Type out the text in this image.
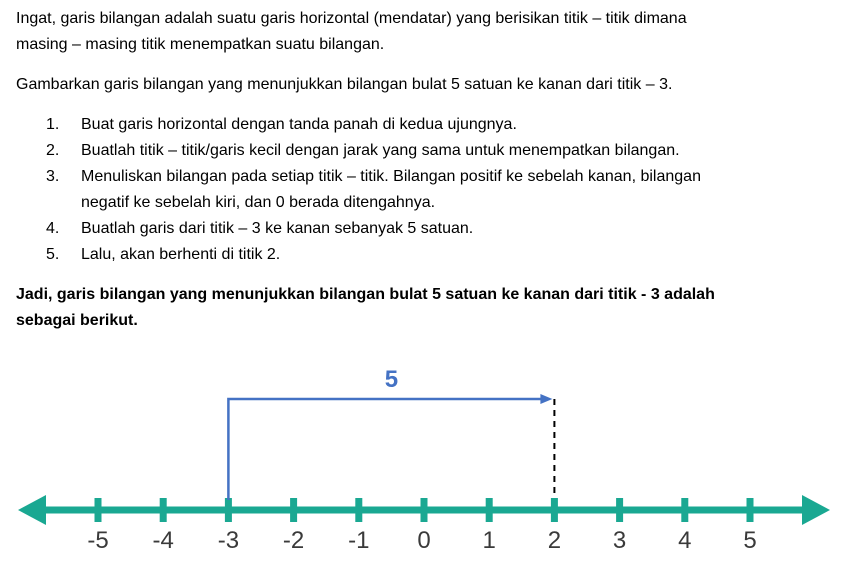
Ingat, garis bilangan adalah suatu garis horizontal (mendatar) yang berisikan titik – titik dimana
masing – masing titik menempatkan suatu bilangan.
Gambarkan garis bilangan yang menunjukkan bilangan bulat 5 satuan ke kanan dari titik – 3.
1. Buat garis horizontal dengan tanda panah di kedua ujungnya.
2. Buatlah titik – titik/garis kecil dengan jarak yang sama untuk menempatkan bilangan.
3. Menuliskan bilangan pada setiap titik – titik. Bilangan positif ke sebelah kanan, bilangan
negatif ke sebelah kiri, dan 0 berada ditengahnya.
4. Buatlah garis dari titik – 3 ke kanan sebanyak 5 satuan.
5. Lalu, akan berhenti di titik 2.
Jadi, garis bilangan yang menunjukkan bilangan bulat 5 satuan ke kanan dari titik - 3 adalah
sebagai berikut.
-5 -4 -3 -2 -1 0 1 2 3 4 5
5
